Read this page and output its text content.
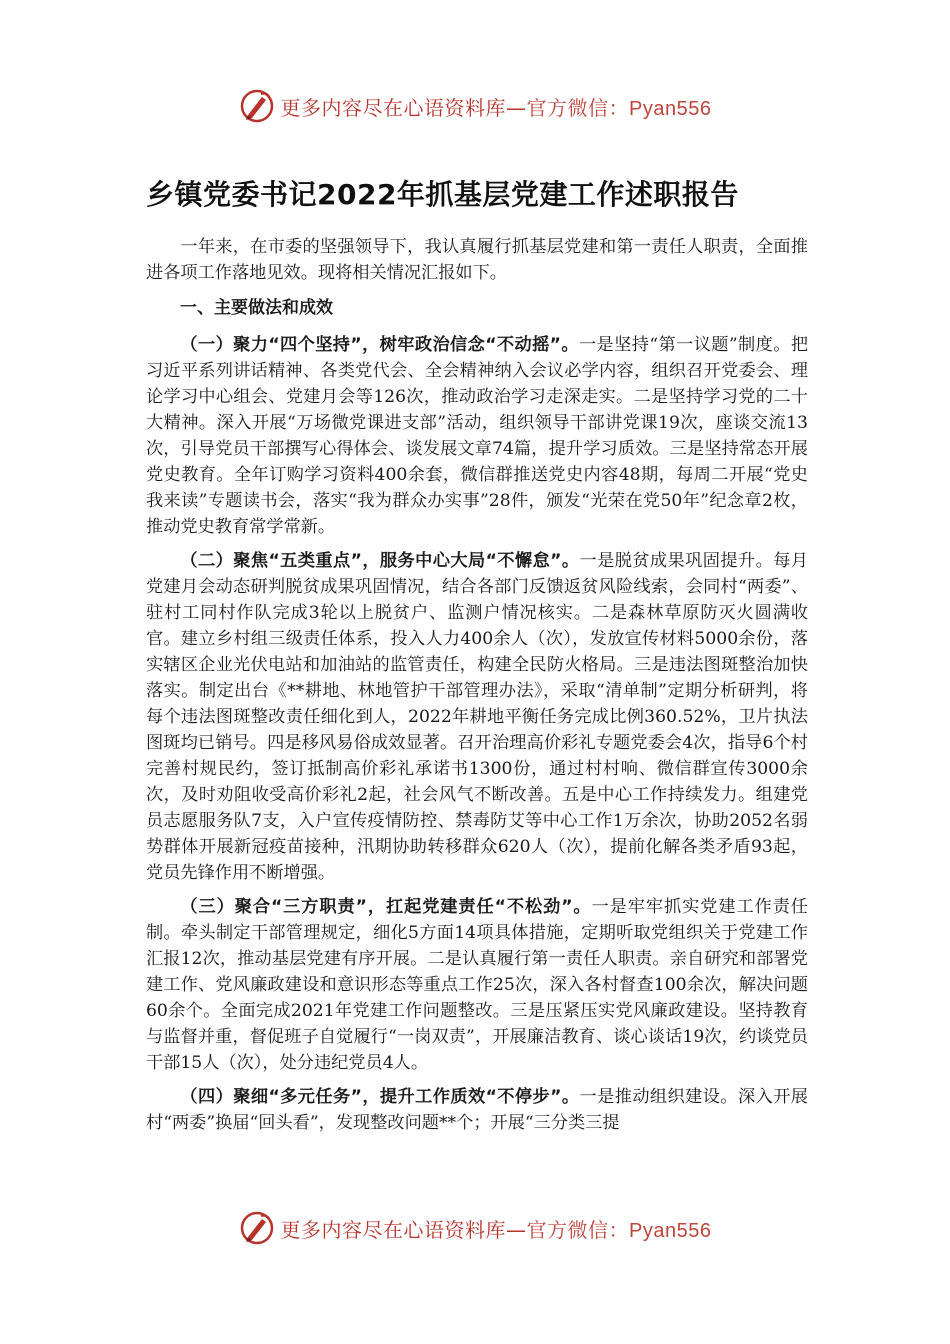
更多内容尽在心语资料库—官方微信：Pyan556
乡镇党委书记2022年抓基层党建工作述职报告

一年来，在市委的坚强领导下，我认真履行抓基层党建和第一责任人职责，全面推进各项工作落地见效。现将相关情况汇报如下。

一、主要做法和成效

（一）聚力“四个坚持”，树牢政治信念“不动摇”。一是坚持“第一议题”制度。把习近平系列讲话精神、各类党代会、全会精神纳入会议必学内容，组织召开党委会、理论学习中心组会、党建月会等126次，推动政治学习走深走实。二是坚持学习党的二十大精神。深入开展“万场微党课进支部”活动，组织领导干部讲党课19次，座谈交流13次，引导党员干部撰写心得体会、谈发展文章74篇，提升学习质效。三是坚持常态开展党史教育。全年订购学习资料400余套，微信群推送党史内容48期，每周二开展“党史我来读”专题读书会，落实“我为群众办实事”28件，颁发“光荣在党50年”纪念章2枚，推动党史教育常学常新。

（二）聚焦“五类重点”，服务中心大局“不懈怠”。一是脱贫成果巩固提升。每月党建月会动态研判脱贫成果巩固情况，结合各部门反馈返贫风险线索，会同村“两委”、驻村工同村作队完成3轮以上脱贫户、监测户情况核实。二是森林草原防灭火圆满收官。建立乡村组三级责任体系，投入人力400余人（次），发放宣传材料5000余份，落实辖区企业光伏电站和加油站的监管责任，构建全民防火格局。三是违法图斑整治加快落实。制定出台《**耕地、林地管护干部管理办法》，采取“清单制”定期分析研判，将每个违法图斑整改责任细化到人，2022年耕地平衡任务完成比例360.52%，卫片执法图斑均已销号。四是移风易俗成效显著。召开治理高价彩礼专题党委会4次，指导6个村完善村规民约，签订抵制高价彩礼承诺书1300份，通过村村响、微信群宣传3000余次，及时劝阻收受高价彩礼2起，社会风气不断改善。五是中心工作持续发力。组建党员志愿服务队7支，入户宣传疫情防控、禁毒防艾等中心工作1万余次，协助2052名弱势群体开展新冠疫苗接种，汛期协助转移群众620人（次），提前化解各类矛盾93起，党员先锋作用不断增强。

（三）聚合“三方职责”，扛起党建责任“不松劲”。一是牢牢抓实党建工作责任制。牵头制定干部管理规定，细化5方面14项具体措施，定期听取党组织关于党建工作汇报12次，推动基层党建有序开展。二是认真履行第一责任人职责。亲自研究和部署党建工作、党风廉政建设和意识形态等重点工作25次，深入各村督查100余次，解决问题60余个。全面完成2021年党建工作问题整改。三是压紧压实党风廉政建设。坚持教育与监督并重，督促班子自觉履行“一岗双责”，开展廉洁教育、谈心谈话19次，约谈党员干部15人（次），处分违纪党员4人。

（四）聚细“多元任务”，提升工作质效“不停步”。一是推动组织建设。深入开展村“两委”换届“回头看”，发现整改问题**个；开展“三分类三提

更多内容尽在心语资料库—官方微信：Pyan556
